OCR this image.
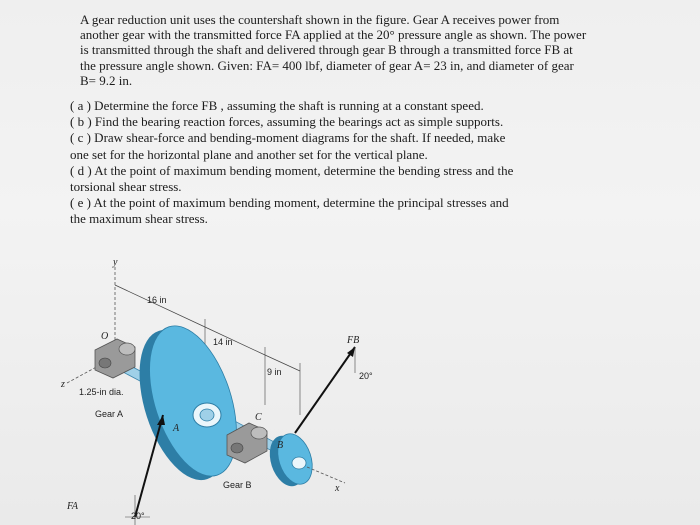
A gear reduction unit uses the countershaft shown in the figure. Gear A receives power from
another gear with the transmitted force FA applied at the 20° pressure angle as shown. The power
is transmitted through the shaft and delivered through gear B through a transmitted force FB at
the pressure angle shown. Given: FA= 400 lbf, diameter of gear A= 23 in, and diameter of gear
B= 9.2 in.
( a ) Determine the force FB , assuming the shaft is running at a constant speed.
( b ) Find the bearing reaction forces, assuming the bearings act as simple supports.
( c ) Draw shear-force and bending-moment diagrams for the shaft. If needed, make
one set for the horizontal plane and another set for the vertical plane.
( d ) At the point of maximum bending moment, determine the bending stress and the
torsional shear stress.
( e ) At the point of maximum bending moment, determine the principal stresses and
the maximum shear stress.
y
O
z
x
16 in
14 in
9 in
1.25-in dia.
Gear A
Gear B
A
B
C
FA
FB
20°
20°
